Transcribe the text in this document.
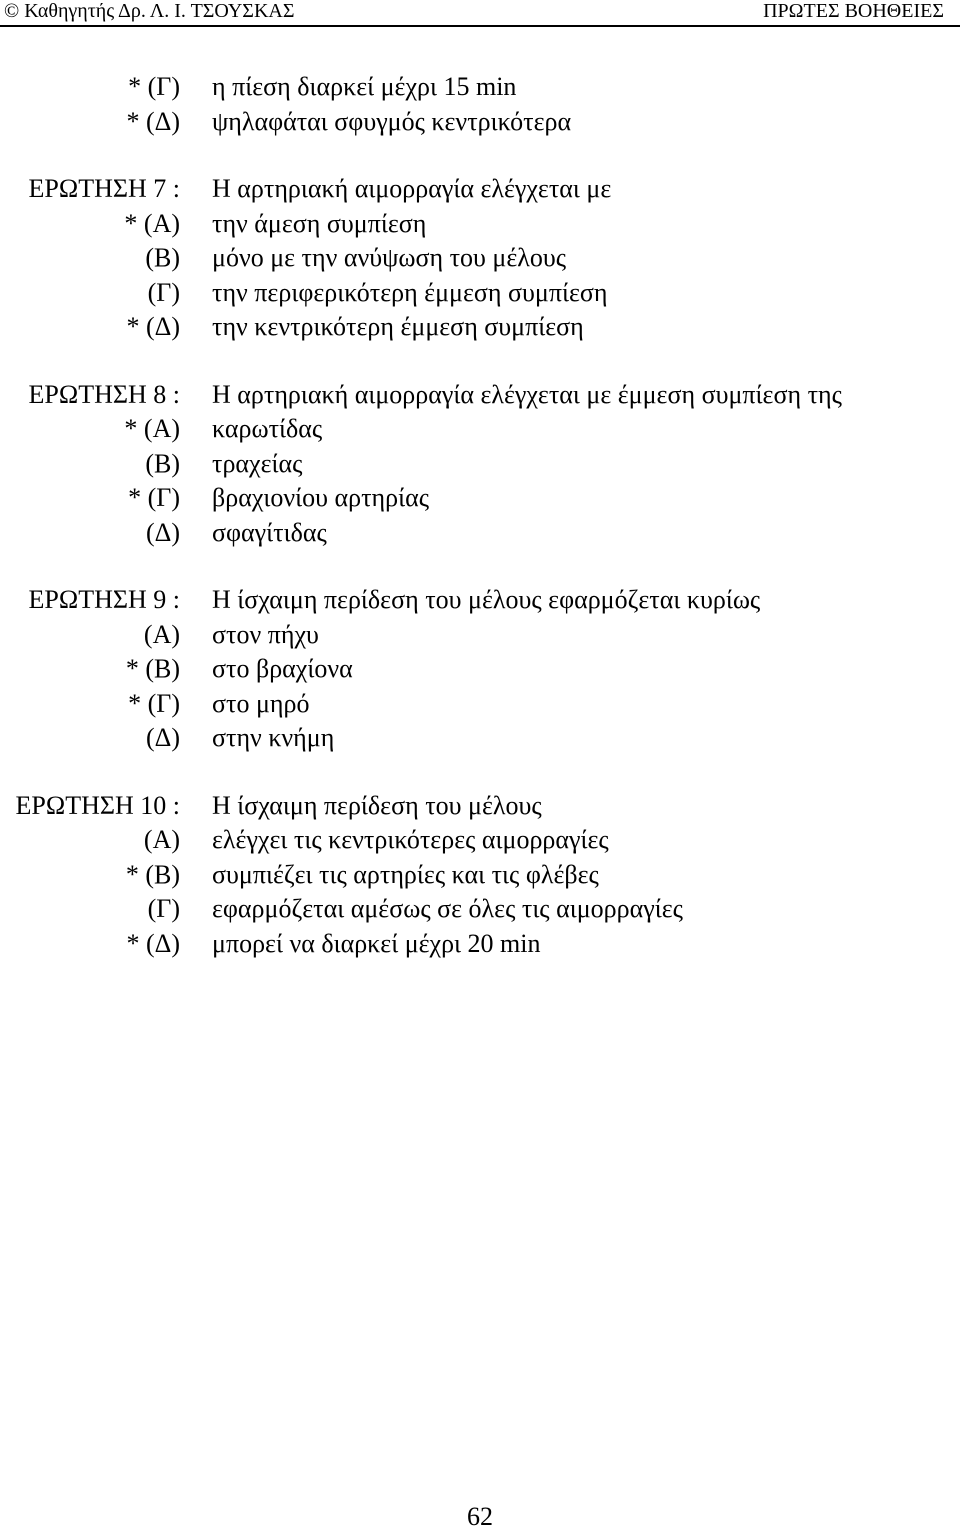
© Καθηγητής Δρ. Λ. Ι. ΤΣΟΥΣΚΑΣ	ΠΡΩΤΕΣ ΒΟΗΘΕΙΕΣ
* (Γ) η πίεση διαρκεί μέχρι 15 min
* (Δ) ψηλαφάται σφυγμός κεντρικότερα
ΕΡΩΤΗΣΗ 7 : Η αρτηριακή αιμορραγία ελέγχεται με
* (Α) την άμεση συμπίεση
(Β) μόνο με την ανύψωση του μέλους
(Γ) την περιφερικότερη έμμεση συμπίεση
* (Δ) την κεντρικότερη έμμεση συμπίεση
ΕΡΩΤΗΣΗ 8 : Η αρτηριακή αιμορραγία ελέγχεται με έμμεση συμπίεση της
* (Α) καρωτίδας
(Β) τραχείας
* (Γ) βραχιονίου αρτηρίας
(Δ) σφαγίτιδας
ΕΡΩΤΗΣΗ 9 : Η ίσχαιμη περίδεση του μέλους εφαρμόζεται κυρίως
(Α) στον πήχυ
* (Β) στο βραχίονα
* (Γ) στο μηρό
(Δ) στην κνήμη
ΕΡΩΤΗΣΗ 10 : Η ίσχαιμη περίδεση του μέλους
(Α) ελέγχει τις κεντρικότερες αιμορραγίες
* (Β) συμπιέζει τις αρτηρίες και τις φλέβες
(Γ) εφαρμόζεται αμέσως σε όλες τις αιμορραγίες
* (Δ) μπορεί να διαρκεί μέχρι 20 min
62
